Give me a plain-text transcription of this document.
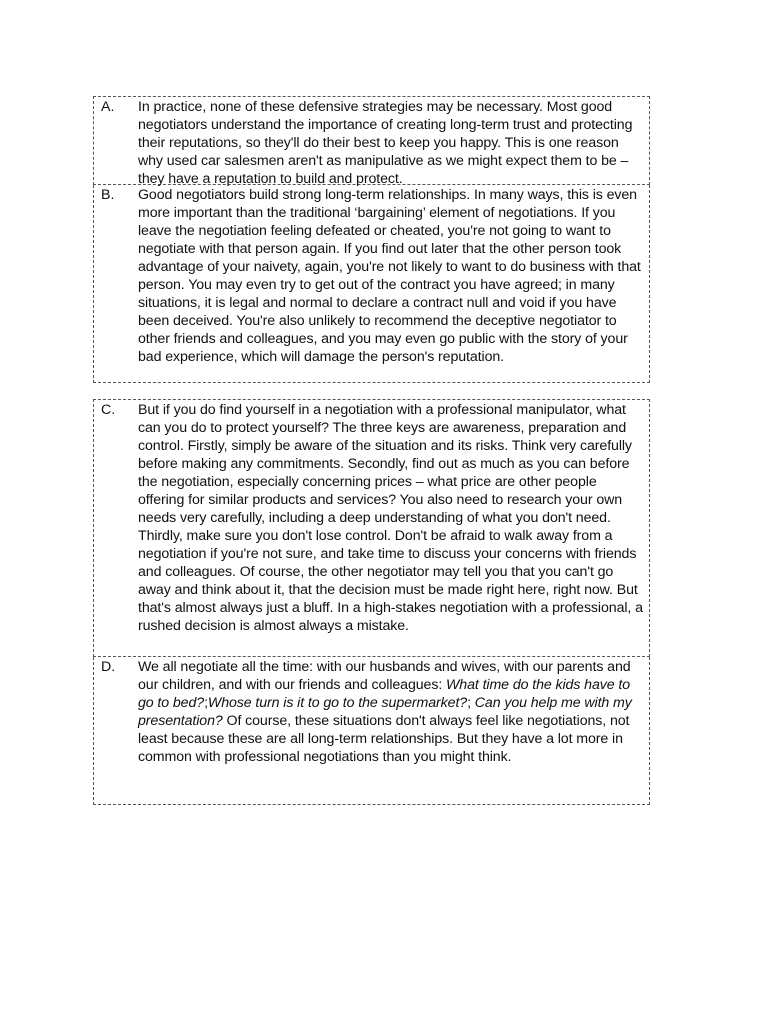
A.	In practice, none of these defensive strategies may be necessary. Most good negotiators understand the importance of creating long-term trust and protecting their reputations, so they'll do their best to keep you happy. This is one reason why used car salesmen aren't as manipulative as we might expect them to be – they have a reputation to build and protect.

B.	Good negotiators build strong long-term relationships. In many ways, this is even more important than the traditional ‘bargaining’ element of negotiations. If you leave the negotiation feeling defeated or cheated, you're not going to want to negotiate with that person again. If you find out later that the other person took advantage of your naivety, again, you're not likely to want to do business with that person. You may even try to get out of the contract you have agreed; in many situations, it is legal and normal to declare a contract null and void if you have been deceived. You're also unlikely to recommend the deceptive negotiator to other friends and colleagues, and you may even go public with the story of your bad experience, which will damage the person's reputation.

C.	But if you do find yourself in a negotiation with a professional manipulator, what can you do to protect yourself? The three keys are awareness, preparation and control. Firstly, simply be aware of the situation and its risks. Think very carefully before making any commitments. Secondly, find out as much as you can before the negotiation, especially concerning prices – what price are other people offering for similar products and services? You also need to research your own needs very carefully, including a deep understanding of what you don't need. Thirdly, make sure you don't lose control. Don't be afraid to walk away from a negotiation if you're not sure, and take time to discuss your concerns with friends and colleagues. Of course, the other negotiator may tell you that you can't go away and think about it, that the decision must be made right here, right now. But that's almost always just a bluff. In a high-stakes negotiation with a professional, a rushed decision is almost always a mistake.

D.	We all negotiate all the time: with our husbands and wives, with our parents and our children, and with our friends and colleagues: What time do the kids have to go to bed?;Whose turn is it to go to the supermarket?; Can you help me with my presentation? Of course, these situations don't always feel like negotiations, not least because these are all long-term relationships. But they have a lot more in common with professional negotiations than you might think.
